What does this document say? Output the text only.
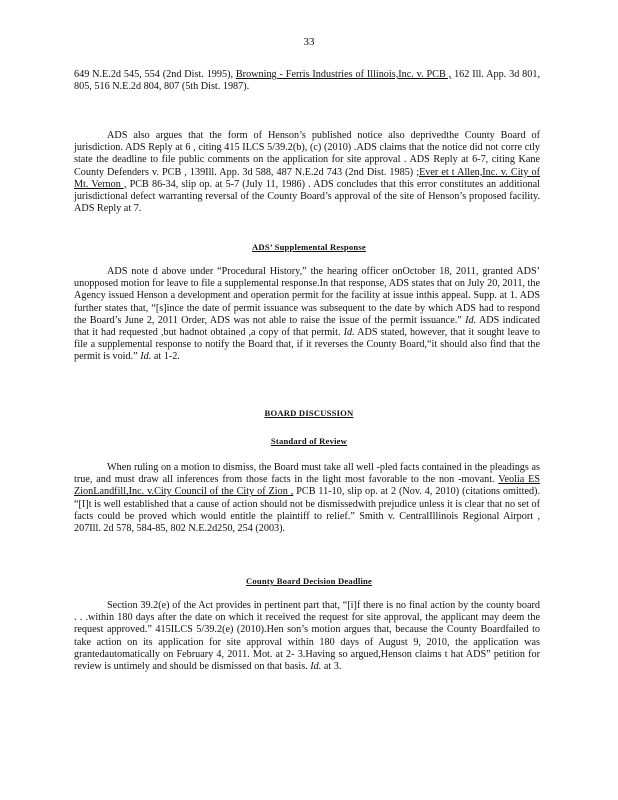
33

649 N.E.2d 545, 554 (2nd Dist. 1995), Browning - Ferris Industries of Illinois,Inc. v. PCB , 162 Ill. App. 3d 801, 805, 516 N.E.2d 804, 807 (5th Dist. 1987).

ADS also argues that the form of Henson’s published notice also deprivedthe County Board of jurisdiction. ADS Reply at 6 , citing 415 ILCS 5/39.2(b), (c) (2010) .ADS claims that the notice did not corre ctly state the deadline to file public comments on the application for site approval . ADS Reply at 6-7, citing Kane County Defenders v. PCB , 139Ill. App. 3d 588, 487 N.E.2d 743 (2nd Dist. 1985) ;Ever et t Allen,Inc. v. City of Mt. Vernon , PCB 86-34, slip op. at 5-7 (July 11, 1986) . ADS concludes that this error constitutes an additional jurisdictional defect warranting reversal of the County Board’s approval of the site of Henson’s proposed facility. ADS Reply at 7.

ADS’ Supplemental Response

ADS note d above under “Procedural History,” the hearing officer onOctober 18, 2011, granted ADS’ unopposed motion for leave to file a supplemental response.In that response, ADS states that on July 20, 2011, the Agency issued Henson a development and operation permit for the facility at issue inthis appeal. Supp. at 1. ADS further states that, “[s]ince the date of permit issuance was subsequent to the date by which ADS had to respond the Board’s June 2, 2011 Order, ADS was not able to raise the issue of the permit issuance.” Id. ADS indicated that it had requested ,but hadnot obtained ,a copy of that permit. Id. ADS stated, however, that it sought leave to file a supplemental response to notify the Board that, if it reverses the County Board,“it should also find that the permit is void.” Id. at 1-2.

BOARD DISCUSSION
Standard of Review

When ruling on a motion to dismiss, the Board must take all well -pled facts contained in the pleadings as true, and must draw all inferences from those facts in the light most favorable to the non -movant. Veolia ES ZionLandfill,Inc. v.City Council of the City of Zion , PCB 11-10, slip op. at 2 (Nov. 4, 2010) (citations omitted). “[I]t is well established that a cause of action should not be dismissedwith prejudice unless it is clear that no set of facts could be proved which would entitle the plaintiff to relief.” Smith v. CentralIllinois Regional Airport , 207Ill. 2d 578, 584-85, 802 N.E.2d250, 254 (2003).

County Board Decision Deadline

Section 39.2(e) of the Act provides in pertinent part that, “[i]f there is no final action by the county board . . .within 180 days after the date on which it received the request for site approval, the applicant may deem the request approved.” 415ILCS 5/39.2(e) (2010).Hen son’s motion argues that, because the County Boardfailed to take action on its application for site approval within 180 days of August 9, 2010, the application was grantedautomatically on February 4, 2011. Mot. at 2- 3.Having so argued,Henson claims t hat ADS” petition for review is untimely and should be dismissed on that basis. Id. at 3.
